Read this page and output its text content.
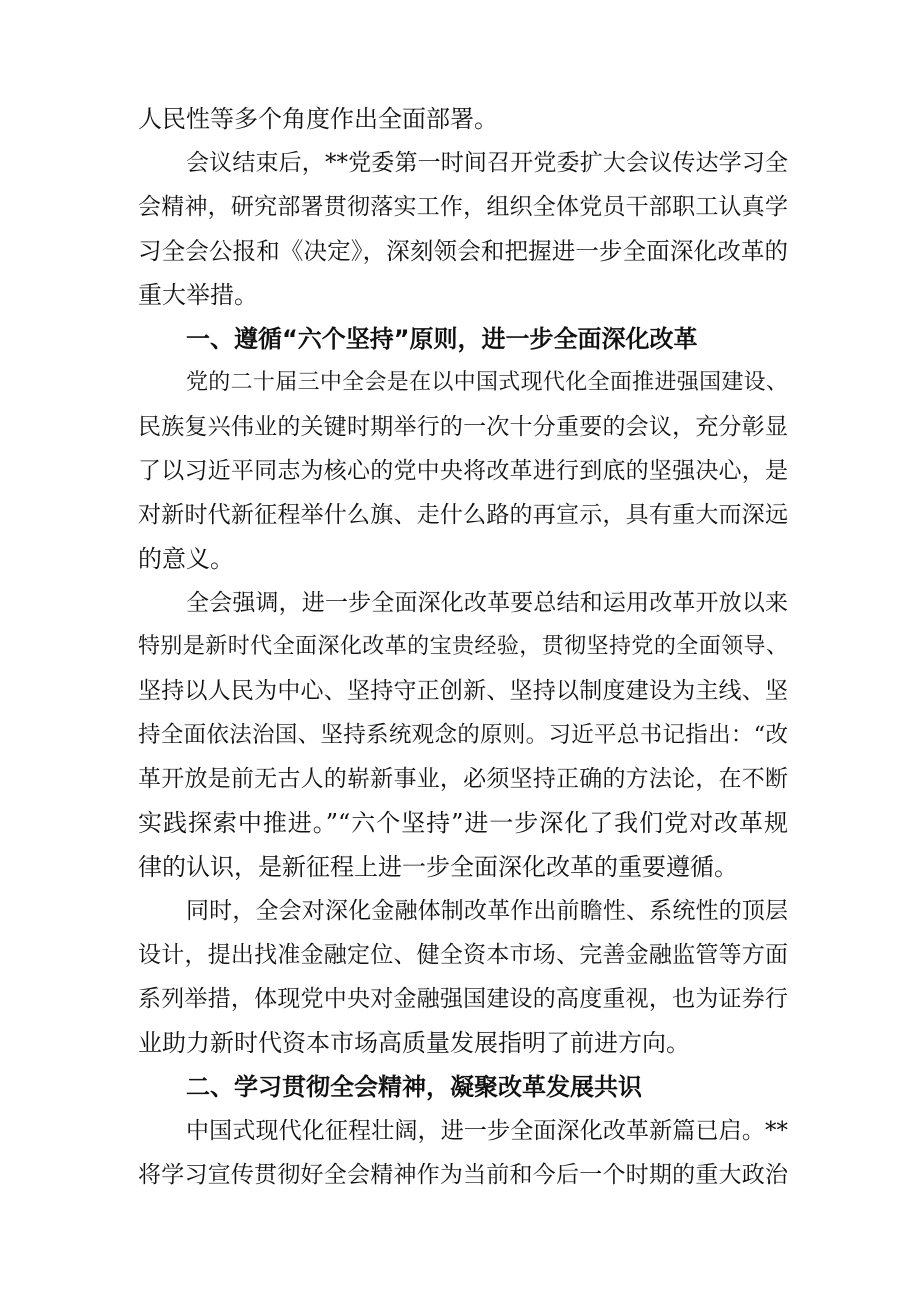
人民性等多个角度作出全面部署。
会议结束后，**党委第一时间召开党委扩大会议传达学习全
会精神，研究部署贯彻落实工作，组织全体党员干部职工认真学
习全会公报和《决定》，深刻领会和把握进一步全面深化改革的
重大举措。
一、遵循“六个坚持”原则，进一步全面深化改革
党的二十届三中全会是在以中国式现代化全面推进强国建设、
民族复兴伟业的关键时期举行的一次十分重要的会议，充分彰显
了以习近平同志为核心的党中央将改革进行到底的坚强决心，是
对新时代新征程举什么旗、走什么路的再宣示，具有重大而深远
的意义。
全会强调，进一步全面深化改革要总结和运用改革开放以来
特别是新时代全面深化改革的宝贵经验，贯彻坚持党的全面领导、
坚持以人民为中心、坚持守正创新、坚持以制度建设为主线、坚
持全面依法治国、坚持系统观念的原则。习近平总书记指出：“改
革开放是前无古人的崭新事业，必须坚持正确的方法论，在不断
实践探索中推进。”“六个坚持”进一步深化了我们党对改革规
律的认识，是新征程上进一步全面深化改革的重要遵循。
同时，全会对深化金融体制改革作出前瞻性、系统性的顶层
设计，提出找准金融定位、健全资本市场、完善金融监管等方面
系列举措，体现党中央对金融强国建设的高度重视，也为证券行
业助力新时代资本市场高质量发展指明了前进方向。
二、学习贯彻全会精神，凝聚改革发展共识
中国式现代化征程壮阔，进一步全面深化改革新篇已启。**
将学习宣传贯彻好全会精神作为当前和今后一个时期的重大政治
